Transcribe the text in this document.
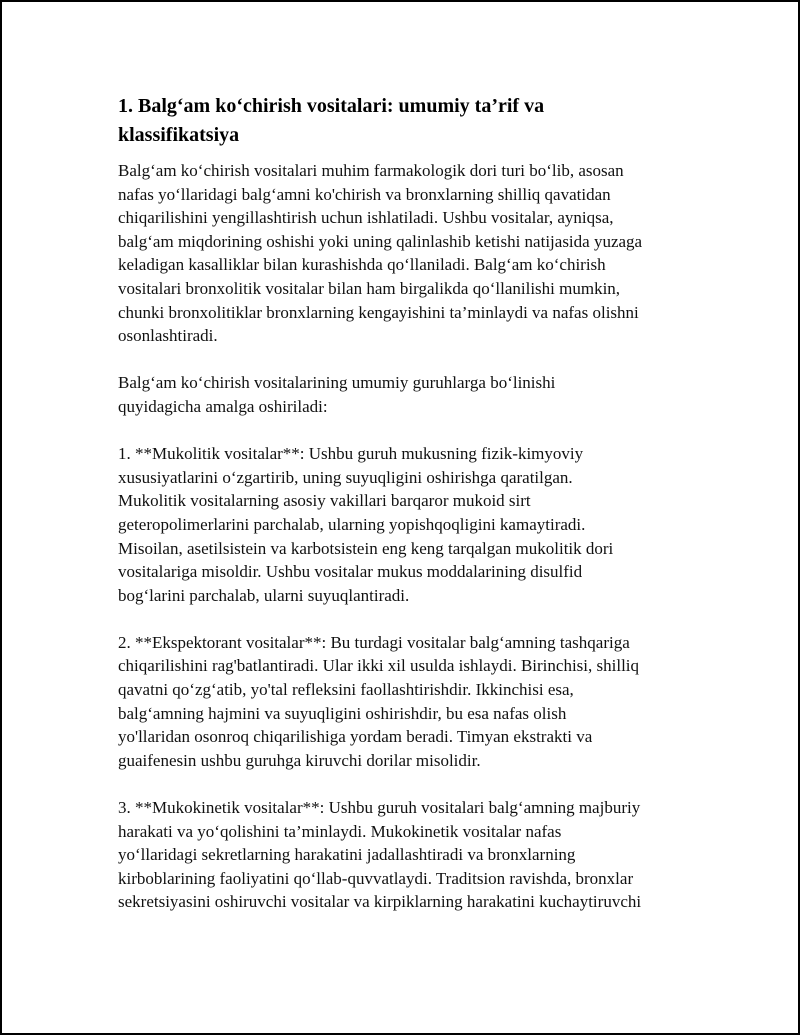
1. Balg‘am ko‘chirish vositalari: umumiy ta’rif va
klassifikatsiya
Balg‘am ko‘chirish vositalari muhim farmakologik dori turi bo‘lib, asosan
nafas yo‘llaridagi balg‘amni ko'chirish va bronxlarning shilliq qavatidan
chiqarilishini yengillashtirish uchun ishlatiladi. Ushbu vositalar, ayniqsa,
balg‘am miqdorining oshishi yoki uning qalinlashib ketishi natijasida yuzaga
keladigan kasalliklar bilan kurashishda qo‘llaniladi. Balg‘am ko‘chirish
vositalari bronxolitik vositalar bilan ham birgalikda qo‘llanilishi mumkin,
chunki bronxolitiklar bronxlarning kengayishini ta’minlaydi va nafas olishni
osonlashtiradi.
Balg‘am ko‘chirish vositalarining umumiy guruhlarga bo‘linishi
quyidagicha amalga oshiriladi:
1. **Mukolitik vositalar**: Ushbu guruh mukusning fizik-kimyoviy
xususiyatlarini o‘zgartirib, uning suyuqligini oshirishga qaratilgan.
Mukolitik vositalarning asosiy vakillari barqaror mukoid sirt
geteropolimerlarini parchalab, ularning yopishqoqligini kamaytiradi.
Misoilan, asetilsistein va karbotsistein eng keng tarqalgan mukolitik dori
vositalariga misoldir. Ushbu vositalar mukus moddalarining disulfid
bog‘larini parchalab, ularni suyuqlantiradi.
2. **Ekspektorant vositalar**: Bu turdagi vositalar balg‘amning tashqariga
chiqarilishini rag'batlantiradi. Ular ikki xil usulda ishlaydi. Birinchisi, shilliq
qavatni qo‘zg‘atib, yo'tal refleksini faollashtirishdir. Ikkinchisi esa,
balg‘amning hajmini va suyuqligini oshirishdir, bu esa nafas olish
yo'llaridan osonroq chiqarilishiga yordam beradi. Timyan ekstrakti va
guaifenesin ushbu guruhga kiruvchi dorilar misolidir.
3. **Mukokinetik vositalar**: Ushbu guruh vositalari balg‘amning majburiy
harakati va yo‘qolishini ta’minlaydi. Mukokinetik vositalar nafas
yo‘llaridagi sekretlarning harakatini jadallashtiradi va bronxlarning
kirboblarining faoliyatini qo‘llab-quvvatlaydi. Traditsion ravishda, bronxlar
sekretsiyasini oshiruvchi vositalar va kirpiklarning harakatini kuchaytiruvchi
